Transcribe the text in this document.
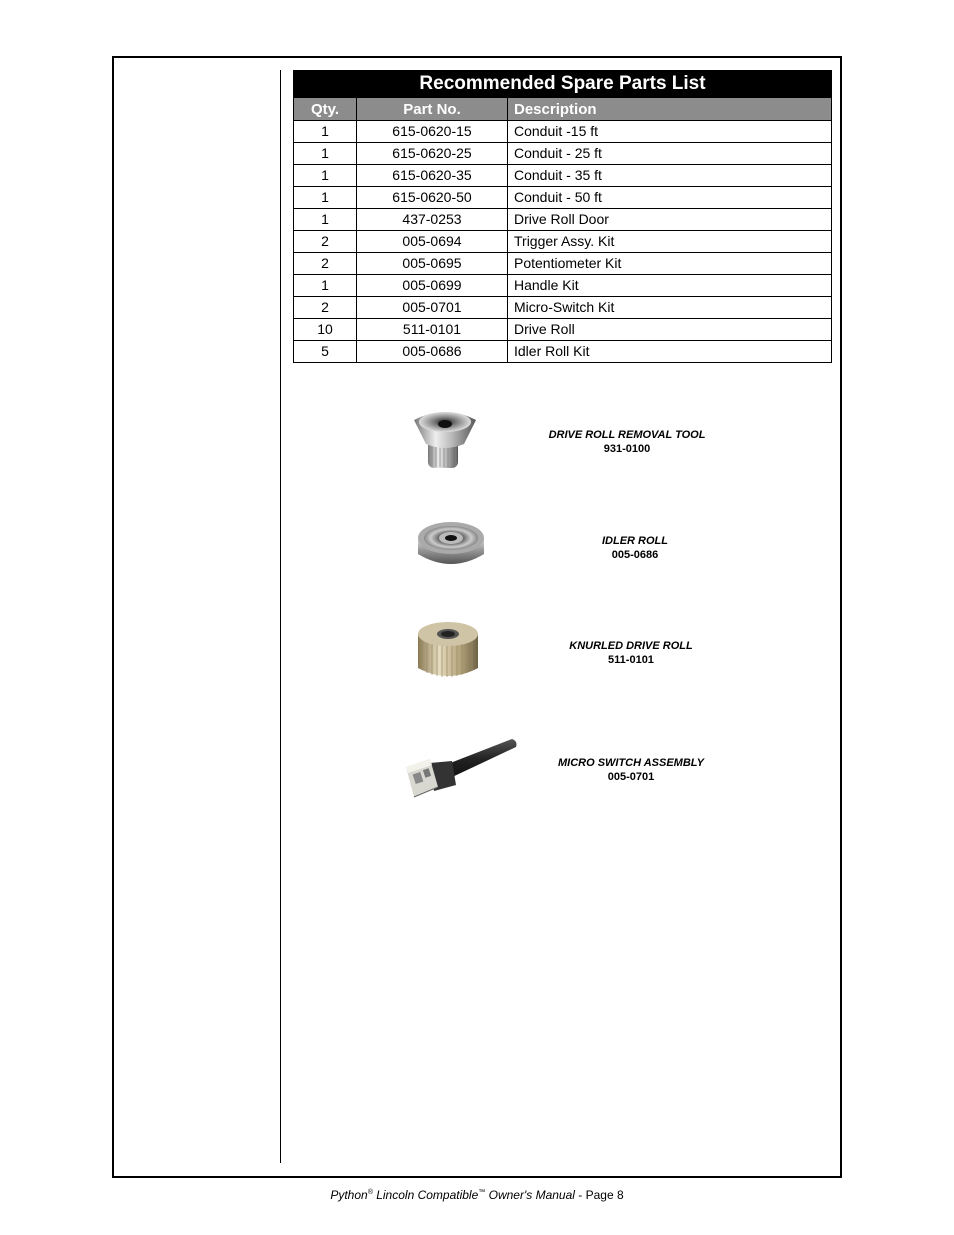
Recommended Spare Parts List		
Qty.	Part No.	Description
1	615-0620-15	Conduit -15 ft
1	615-0620-25	Conduit - 25 ft
1	615-0620-35	Conduit - 35 ft
1	615-0620-50	Conduit - 50 ft
1	437-0253	Drive Roll Door
2	005-0694	Trigger Assy. Kit
2	005-0695	Potentiometer Kit
1	005-0699	Handle Kit
2	005-0701	Micro-Switch Kit
10	511-0101	Drive Roll
5	005-0686	Idler Roll Kit
DRIVE ROLL REMOVAL TOOL
931-0100
IDLER ROLL
005-0686
KNURLED DRIVE ROLL
511-0101
MICRO SWITCH ASSEMBLY
005-0701
Python® Lincoln Compatible™ Owner's Manual - Page 8
